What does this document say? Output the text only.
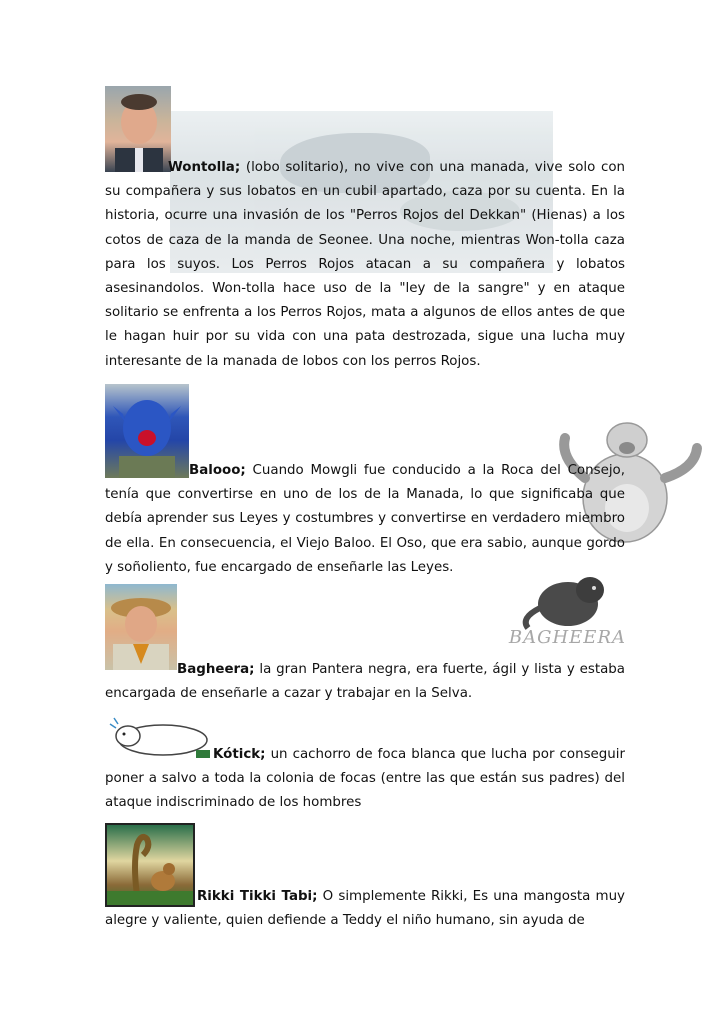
Wontolla; (lobo solitario), no vive con una manada, vive solo con su compañera y sus lobatos en un cubil apartado, caza por su cuenta. En la historia, ocurre una invasión de los "Perros Rojos del Dekkan" (Hienas) a los cotos de caza de la manda de Seonee. Una noche, mientras Won-tolla caza para los suyos. Los Perros Rojos atacan a su compañera y lobatos asesinandolos. Won-tolla hace uso de la "ley de la sangre" y en ataque solitario se enfrenta a los Perros Rojos, mata a algunos de ellos antes de que le hagan huir por su vida con una pata destrozada, sigue una lucha muy interesante de la manada de lobos con los perros Rojos.

Balooo; Cuando Mowgli fue conducido a la Roca del Consejo, tenía que convertirse en uno de los de la Manada, lo que significaba que debía aprender sus Leyes y costumbres y convertirse en verdadero miembro de ella. En consecuencia, el Viejo Baloo. El Oso, que era sabio, aunque gordo y soñoliento, fue encargado de enseñarle las Leyes.

BAGHEERA

Bagheera; la gran Pantera negra, era fuerte, ágil y lista y estaba encargada de enseñarle a cazar y trabajar en la Selva.

Kótick; un cachorro de foca blanca que lucha por conseguir poner a salvo a toda la colonia de focas (entre las que están sus padres) del ataque indiscriminado de los hombres

Rikki Tikki Tabi; O simplemente Rikki, Es una mangosta muy alegre y valiente, quien defiende a Teddy el niño humano, sin ayuda de
